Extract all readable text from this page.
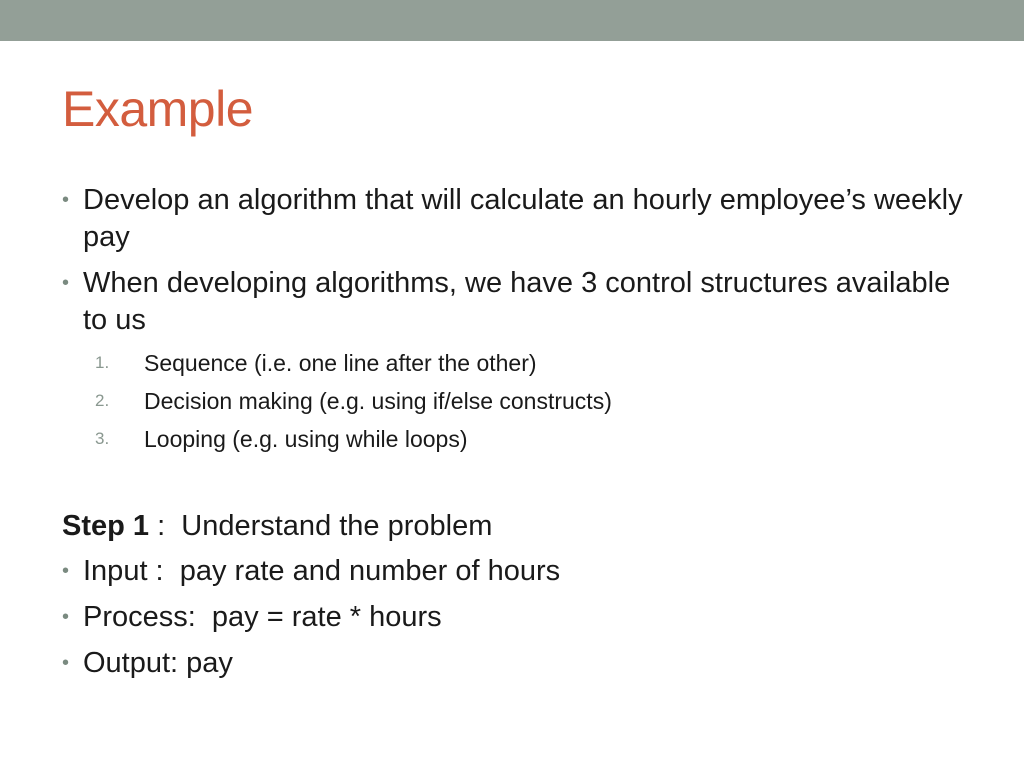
Example
• Develop an algorithm that will calculate an hourly employee’s weekly pay
• When developing algorithms, we have 3 control structures available to us
1. Sequence (i.e. one line after the other)
2. Decision making (e.g. using if/else constructs)
3. Looping (e.g. using while loops)
Step 1 :  Understand the problem
• Input :  pay rate and number of hours
• Process:  pay = rate * hours
• Output: pay
